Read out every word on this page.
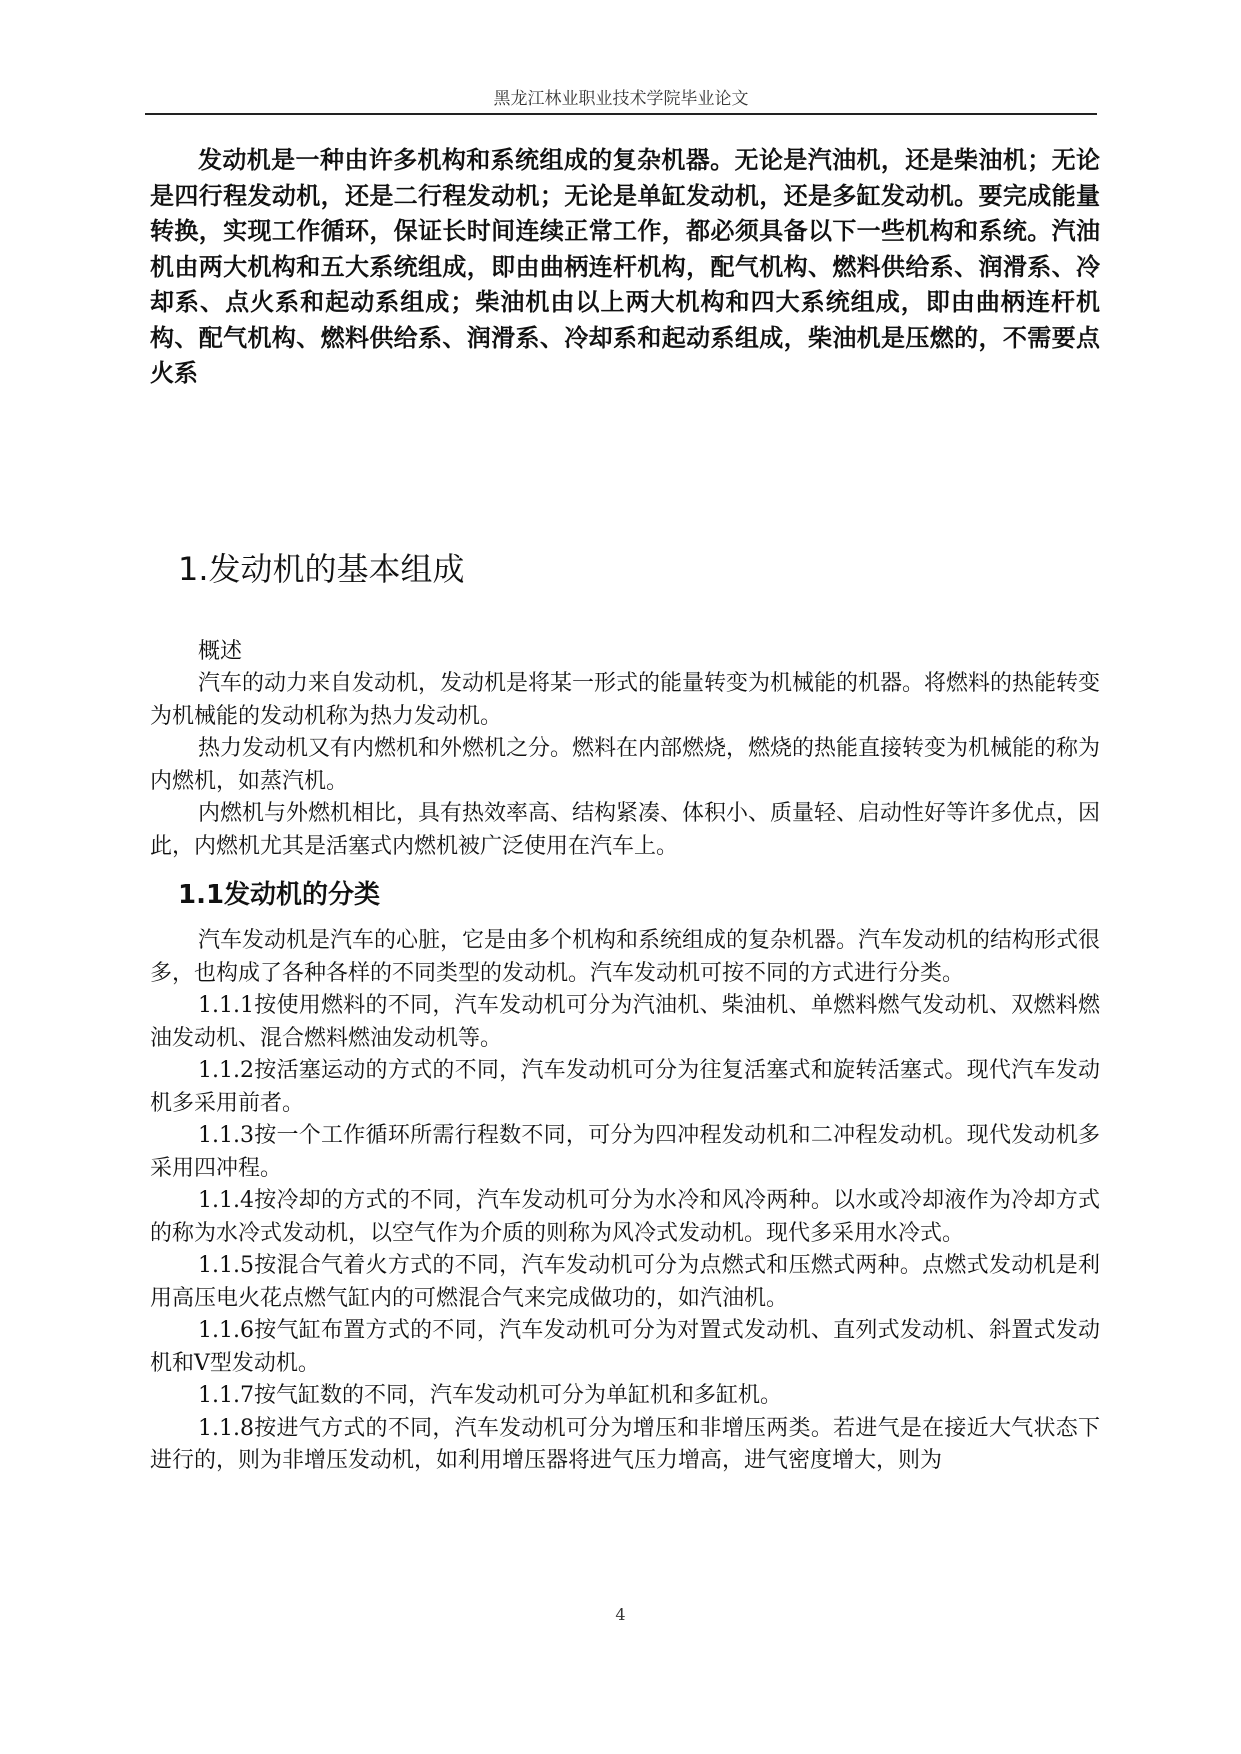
黑龙江林业职业技术学院毕业论文

发动机是一种由许多机构和系统组成的复杂机器。无论是汽油机，还是柴油机；无论是四行程发动机，还是二行程发动机；无论是单缸发动机，还是多缸发动机。要完成能量转换，实现工作循环，保证长时间连续正常工作，都必须具备以下一些机构和系统。汽油机由两大机构和五大系统组成，即由曲柄连杆机构，配气机构、燃料供给系、润滑系、冷却系、点火系和起动系组成；柴油机由以上两大机构和四大系统组成，即由曲柄连杆机构、配气机构、燃料供给系、润滑系、冷却系和起动系组成，柴油机是压燃的，不需要点火系

1.发动机的基本组成

概述

汽车的动力来自发动机，发动机是将某一形式的能量转变为机械能的机器。将燃料的热能转变为机械能的发动机称为热力发动机。

热力发动机又有内燃机和外燃机之分。燃料在内部燃烧，燃烧的热能直接转变为机械能的称为内燃机，如蒸汽机。

内燃机与外燃机相比，具有热效率高、结构紧凑、体积小、质量轻、启动性好等许多优点，因此，内燃机尤其是活塞式内燃机被广泛使用在汽车上。

1.1发动机的分类

汽车发动机是汽车的心脏，它是由多个机构和系统组成的复杂机器。汽车发动机的结构形式很多，也构成了各种各样的不同类型的发动机。汽车发动机可按不同的方式进行分类。

1.1.1按使用燃料的不同，汽车发动机可分为汽油机、柴油机、单燃料燃气发动机、双燃料燃油发动机、混合燃料燃油发动机等。

1.1.2按活塞运动的方式的不同，汽车发动机可分为往复活塞式和旋转活塞式。现代汽车发动机多采用前者。

1.1.3按一个工作循环所需行程数不同，可分为四冲程发动机和二冲程发动机。现代发动机多采用四冲程。

1.1.4按冷却的方式的不同，汽车发动机可分为水冷和风冷两种。以水或冷却液作为冷却方式的称为水冷式发动机，以空气作为介质的则称为风冷式发动机。现代多采用水冷式。

1.1.5按混合气着火方式的不同，汽车发动机可分为点燃式和压燃式两种。点燃式发动机是利用高压电火花点燃气缸内的可燃混合气来完成做功的，如汽油机。

1.1.6按气缸布置方式的不同，汽车发动机可分为对置式发动机、直列式发动机、斜置式发动机和V型发动机。

1.1.7按气缸数的不同，汽车发动机可分为单缸机和多缸机。

1.1.8按进气方式的不同，汽车发动机可分为增压和非增压两类。若进气是在接近大气状态下进行的，则为非增压发动机，如利用增压器将进气压力增高，进气密度增大，则为

4
